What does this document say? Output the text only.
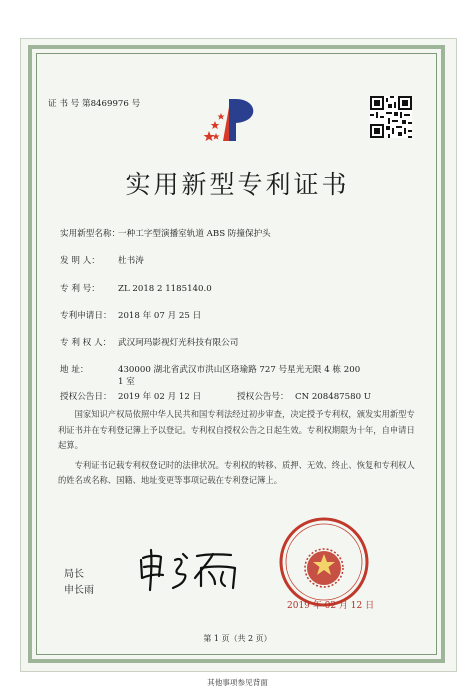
证 书 号 第8469976 号
实用新型专利证书
实用新型名称：
一种工字型演播室轨道 ABS 防撞保护头
发 明 人： 杜书涛
专 利 号： ZL 2018 2 1185140.0
专利申请日： 2018 年 07 月 25 日
专 利 权 人： 武汉珂玛影视灯光科技有限公司
地 址：	430000 湖北省武汉市洪山区珞瑜路 727 号星光无限 4 栋 200
1 室
授权公告日： 2019 年 02 月 12 日	授权公告号： CN 208487580 U

国家知识产权局依照中华人民共和国专利法经过初步审查，决定授予专利权，颁发实用新型专利证书并在专利登记簿上予以登记。专利权自授权公告之日起生效。专利权期限为十年，自申请日起算。

专利证书记载专利权登记时的法律状况。专利权的转移、质押、无效、终止、恢复和专利权人的姓名或名称、国籍、地址变更等事项记载在专利登记簿上。

局长
申长雨
2019 年 02 月 12 日
第 1 页（共 2 页）
其他事项参见背面
